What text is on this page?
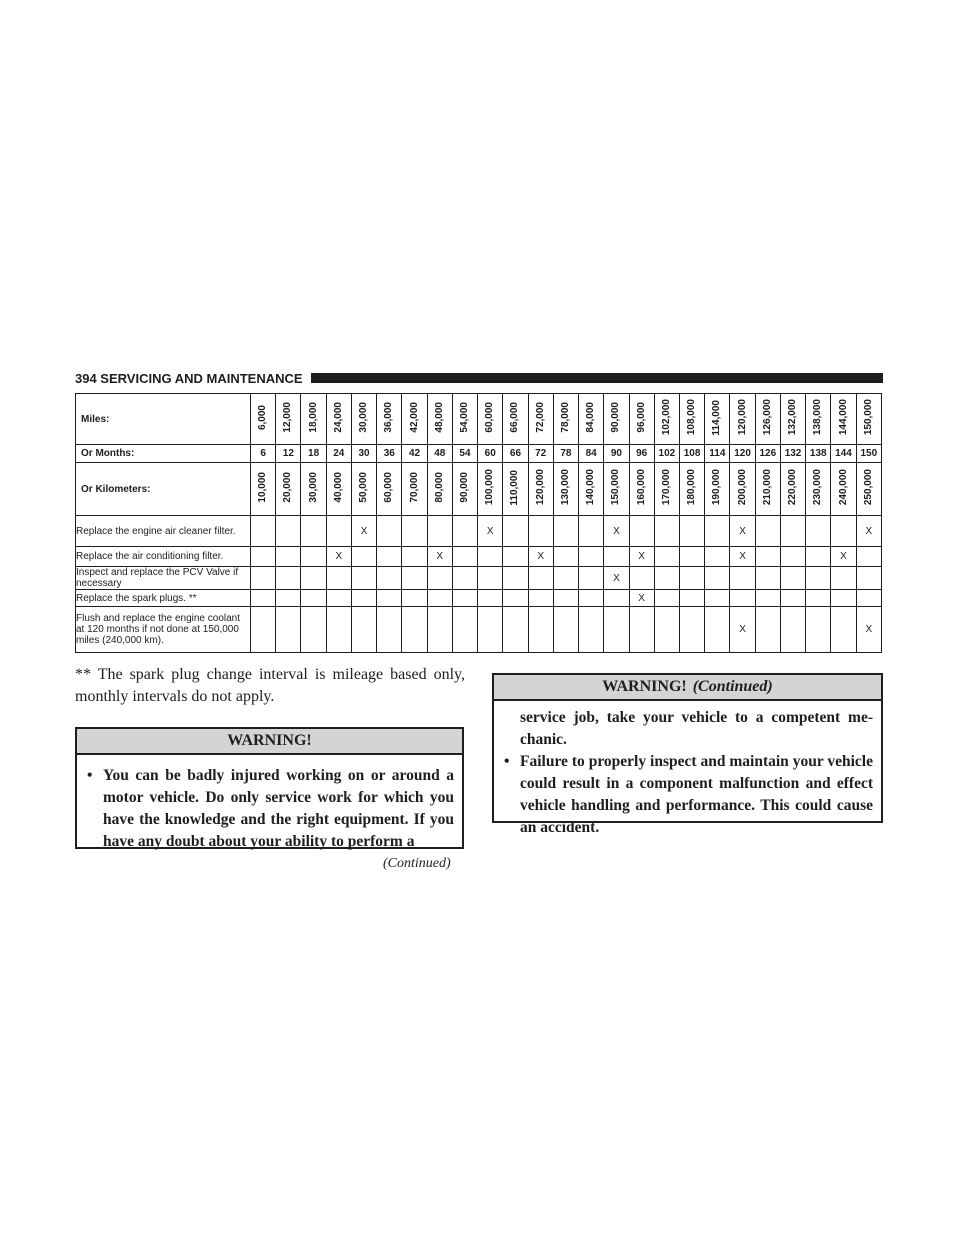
394 SERVICING AND MAINTENANCE
Miles:	6,000	12,000	18,000	24,000	30,000	36,000	42,000	48,000	54,000	60,000	66,000	72,000	78,000	84,000	90,000	96,000	102,000	108,000	114,000	120,000	126,000	132,000	138,000	144,000	150,000
Or Months:	6	12	18	24	30	36	42	48	54	60	66	72	78	84	90	96	102	108	114	120	126	132	138	144	150
Or Kilometers:	10,000	20,000	30,000	40,000	50,000	60,000	70,000	80,000	90,000	100,000	110,000	120,000	130,000	140,000	150,000	160,000	170,000	180,000	190,000	200,000	210,000	220,000	230,000	240,000	250,000
Replace the engine air cleaner filter.					X					X					X					X					X
Replace the air conditioning filter.				X				X				X				X				X				X	
Inspect and replace the PCV Valve if necessary															X										
Replace the spark plugs. **																X									
Flush and replace the engine coolant at 120 months if not done at 150,000 miles (240,000 km).																				X					X
** The spark plug change interval is mileage based only, monthly intervals do not apply.
WARNING!
• You can be badly injured working on or around a motor vehicle. Do only service work for which you have the knowledge and the right equipment. If you have any doubt about your ability to perform a
(Continued)
WARNING! (Continued)
service job, take your vehicle to a competent me-chanic.
• Failure to properly inspect and maintain your vehicle could result in a component malfunction and effect vehicle handling and performance. This could cause an accident.
